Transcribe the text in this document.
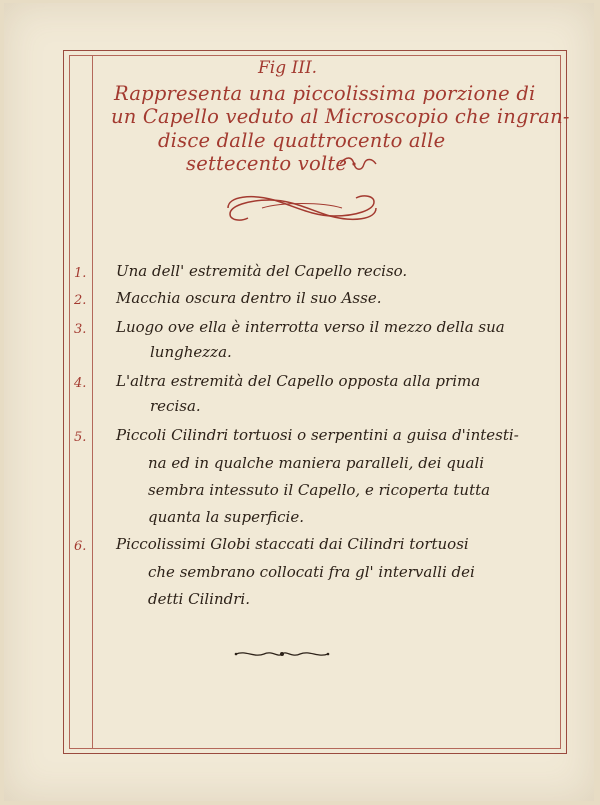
Fig III.
Rappresenta una piccolissima porzione di
un Capello veduto al Microscopio che ingran-
disce dalle quattrocento alle
settecento volte
1. Una dell' estremità del Capello reciso.
2. Macchia oscura dentro il suo Asse.
3. Luogo ove ella è interrotta verso il mezzo della sua
lunghezza.
4. L'altra estremità del Capello opposta alla prima
recisa.
5. Piccoli Cilindri tortuosi o serpentini a guisa d'intesti-
na ed in qualche maniera paralleli, dei quali
sembra intessuto il Capello, e ricoperta tutta
quanta la superficie.
6. Piccolissimi Globi staccati dai Cilindri tortuosi
che sembrano collocati fra gl' intervalli dei
detti Cilindri.
